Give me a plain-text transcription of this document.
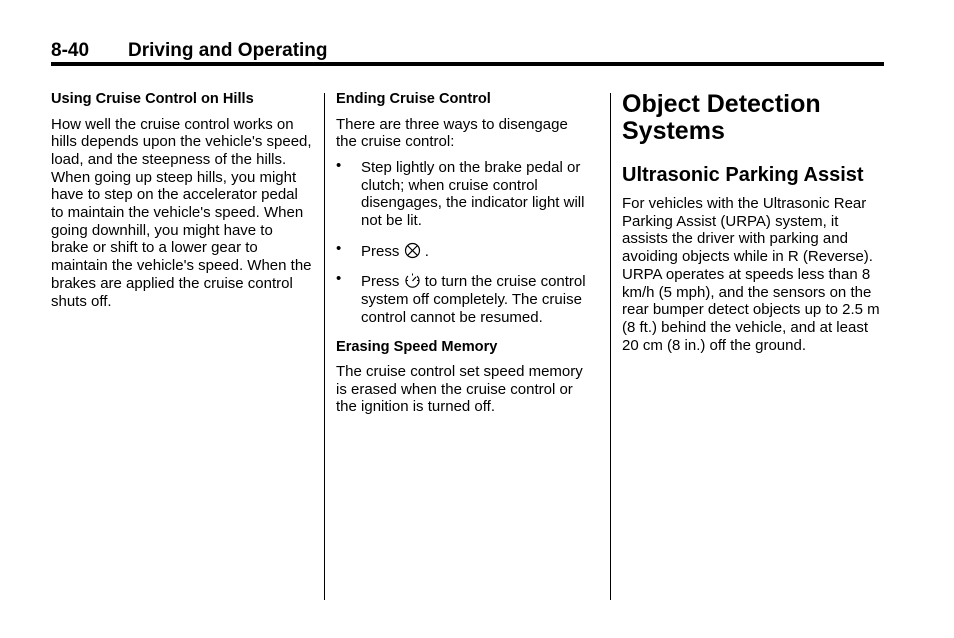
8-40 Driving and Operating
Using Cruise Control on Hills

How well the cruise control works on hills depends upon the vehicle's speed, load, and the steepness of the hills. When going up steep hills, you might have to step on the accelerator pedal to maintain the vehicle's speed. When going downhill, you might have to brake or shift to a lower gear to maintain the vehicle's speed. When the brakes are applied the cruise control shuts off.

Ending Cruise Control

There are three ways to disengage the cruise control:

• Step lightly on the brake pedal or clutch; when cruise control disengages, the indicator light will not be lit.
• Press .
• Press to turn the cruise control system off completely. The cruise control cannot be resumed.
Erasing Speed Memory

The cruise control set speed memory is erased when the cruise control or the ignition is turned off.

Object Detection Systems
Ultrasonic Parking Assist

For vehicles with the Ultrasonic Rear Parking Assist (URPA) system, it assists the driver with parking and avoiding objects while in R (Reverse). URPA operates at speeds less than 8 km/h (5 mph), and the sensors on the rear bumper detect objects up to 2.5 m (8 ft.) behind the vehicle, and at least 20 cm (8 in.) off the ground.
